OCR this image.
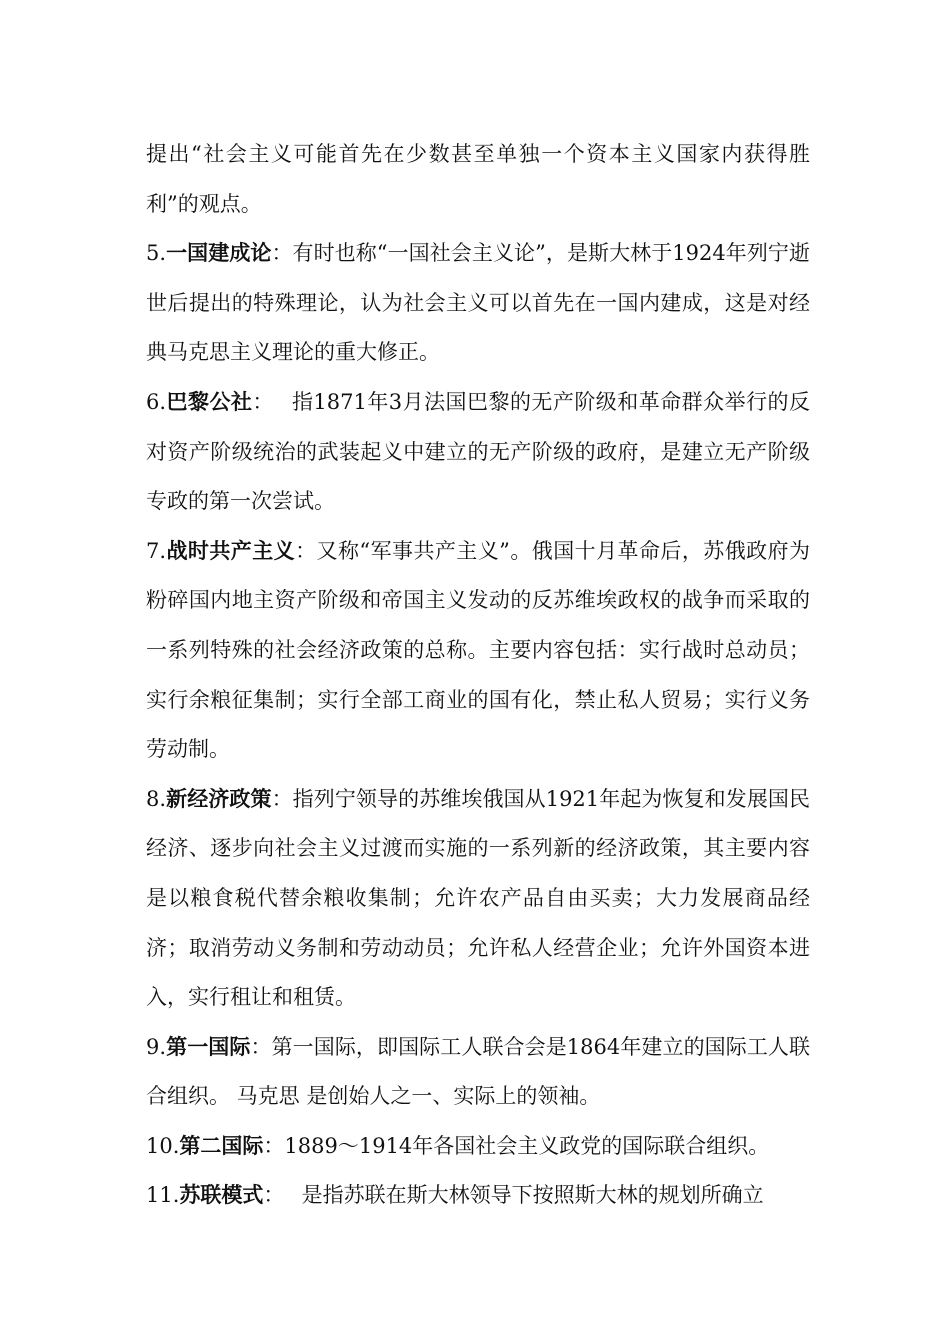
提出“社会主义可能首先在少数甚至单独一个资本主义国家内获得胜利”的观点。

5.一国建成论：有时也称“一国社会主义论”，是斯大林于1924年列宁逝世后提出的特殊理论，认为社会主义可以首先在一国内建成，这是对经典马克思主义理论的重大修正。

6.巴黎公社：　 指1871年3月法国巴黎的无产阶级和革命群众举行的反对资产阶级统治的武装起义中建立的无产阶级的政府，是建立无产阶级专政的第一次尝试。

7.战时共产主义：又称“军事共产主义”。俄国十月革命后，苏俄政府为粉碎国内地主资产阶级和帝国主义发动的反苏维埃政权的战争而采取的一系列特殊的社会经济政策的总称。主要内容包括：实行战时总动员；实行余粮征集制；实行全部工商业的国有化，禁止私人贸易；实行义务劳动制。

8.新经济政策：指列宁领导的苏维埃俄国从1921年起为恢复和发展国民经济、逐步向社会主义过渡而实施的一系列新的经济政策，其主要内容是以粮食税代替余粮收集制；允许农产品自由买卖；大力发展商品经济；取消劳动义务制和劳动动员；允许私人经营企业；允许外国资本进入，实行租让和租赁。

9.第一国际：第一国际，即国际工人联合会是1864年建立的国际工人联合组织。 马克思 是创始人之一、实际上的领袖。

10.第二国际：1889～1914年各国社会主义政党的国际联合组织。

11.苏联模式：　 是指苏联在斯大林领导下按照斯大林的规划所确立
